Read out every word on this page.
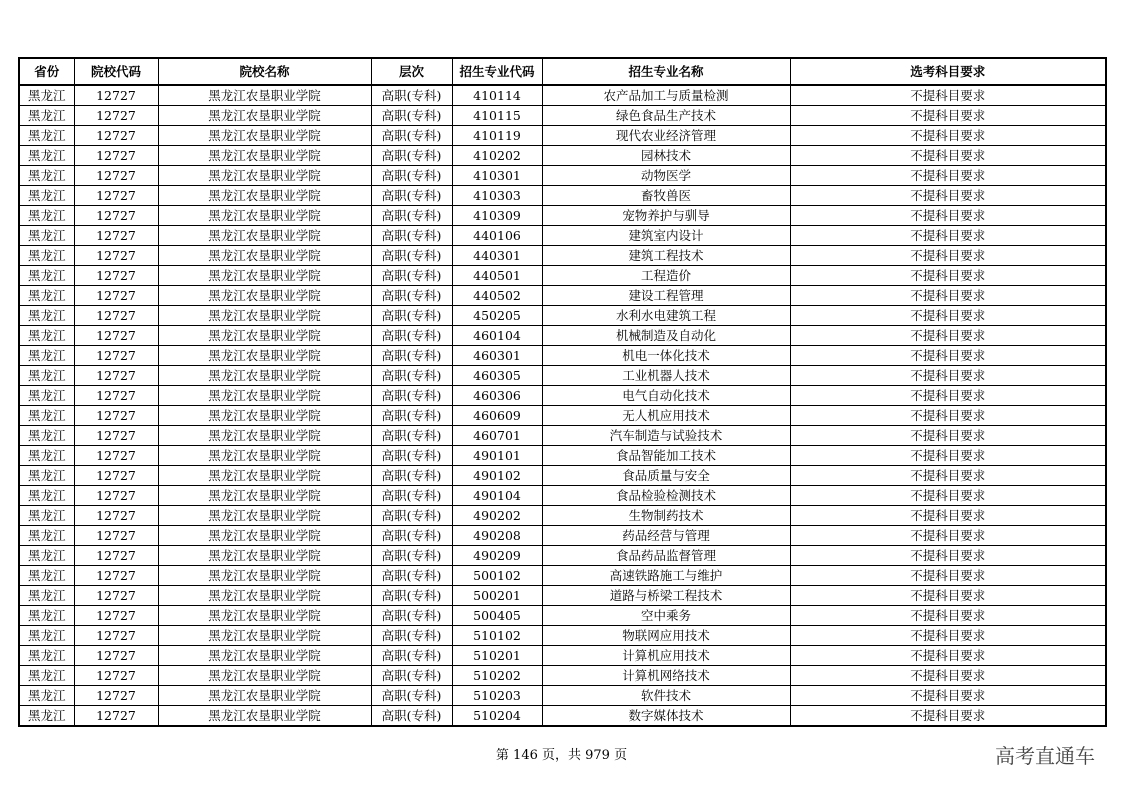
省份	院校代码	院校名称	层次	招生专业代码	招生专业名称	选考科目要求
黑龙江	12727	黑龙江农垦职业学院	高职(专科)	410114	农产品加工与质量检测	不提科目要求
黑龙江	12727	黑龙江农垦职业学院	高职(专科)	410115	绿色食品生产技术	不提科目要求
黑龙江	12727	黑龙江农垦职业学院	高职(专科)	410119	现代农业经济管理	不提科目要求
黑龙江	12727	黑龙江农垦职业学院	高职(专科)	410202	园林技术	不提科目要求
黑龙江	12727	黑龙江农垦职业学院	高职(专科)	410301	动物医学	不提科目要求
黑龙江	12727	黑龙江农垦职业学院	高职(专科)	410303	畜牧兽医	不提科目要求
黑龙江	12727	黑龙江农垦职业学院	高职(专科)	410309	宠物养护与驯导	不提科目要求
黑龙江	12727	黑龙江农垦职业学院	高职(专科)	440106	建筑室内设计	不提科目要求
黑龙江	12727	黑龙江农垦职业学院	高职(专科)	440301	建筑工程技术	不提科目要求
黑龙江	12727	黑龙江农垦职业学院	高职(专科)	440501	工程造价	不提科目要求
黑龙江	12727	黑龙江农垦职业学院	高职(专科)	440502	建设工程管理	不提科目要求
黑龙江	12727	黑龙江农垦职业学院	高职(专科)	450205	水利水电建筑工程	不提科目要求
黑龙江	12727	黑龙江农垦职业学院	高职(专科)	460104	机械制造及自动化	不提科目要求
黑龙江	12727	黑龙江农垦职业学院	高职(专科)	460301	机电一体化技术	不提科目要求
黑龙江	12727	黑龙江农垦职业学院	高职(专科)	460305	工业机器人技术	不提科目要求
黑龙江	12727	黑龙江农垦职业学院	高职(专科)	460306	电气自动化技术	不提科目要求
黑龙江	12727	黑龙江农垦职业学院	高职(专科)	460609	无人机应用技术	不提科目要求
黑龙江	12727	黑龙江农垦职业学院	高职(专科)	460701	汽车制造与试验技术	不提科目要求
黑龙江	12727	黑龙江农垦职业学院	高职(专科)	490101	食品智能加工技术	不提科目要求
黑龙江	12727	黑龙江农垦职业学院	高职(专科)	490102	食品质量与安全	不提科目要求
黑龙江	12727	黑龙江农垦职业学院	高职(专科)	490104	食品检验检测技术	不提科目要求
黑龙江	12727	黑龙江农垦职业学院	高职(专科)	490202	生物制药技术	不提科目要求
黑龙江	12727	黑龙江农垦职业学院	高职(专科)	490208	药品经营与管理	不提科目要求
黑龙江	12727	黑龙江农垦职业学院	高职(专科)	490209	食品药品监督管理	不提科目要求
黑龙江	12727	黑龙江农垦职业学院	高职(专科)	500102	高速铁路施工与维护	不提科目要求
黑龙江	12727	黑龙江农垦职业学院	高职(专科)	500201	道路与桥梁工程技术	不提科目要求
黑龙江	12727	黑龙江农垦职业学院	高职(专科)	500405	空中乘务	不提科目要求
黑龙江	12727	黑龙江农垦职业学院	高职(专科)	510102	物联网应用技术	不提科目要求
黑龙江	12727	黑龙江农垦职业学院	高职(专科)	510201	计算机应用技术	不提科目要求
黑龙江	12727	黑龙江农垦职业学院	高职(专科)	510202	计算机网络技术	不提科目要求
黑龙江	12727	黑龙江农垦职业学院	高职(专科)	510203	软件技术	不提科目要求
黑龙江	12727	黑龙江农垦职业学院	高职(专科)	510204	数字媒体技术	不提科目要求
第 146 页，共 979 页	高考直通车
